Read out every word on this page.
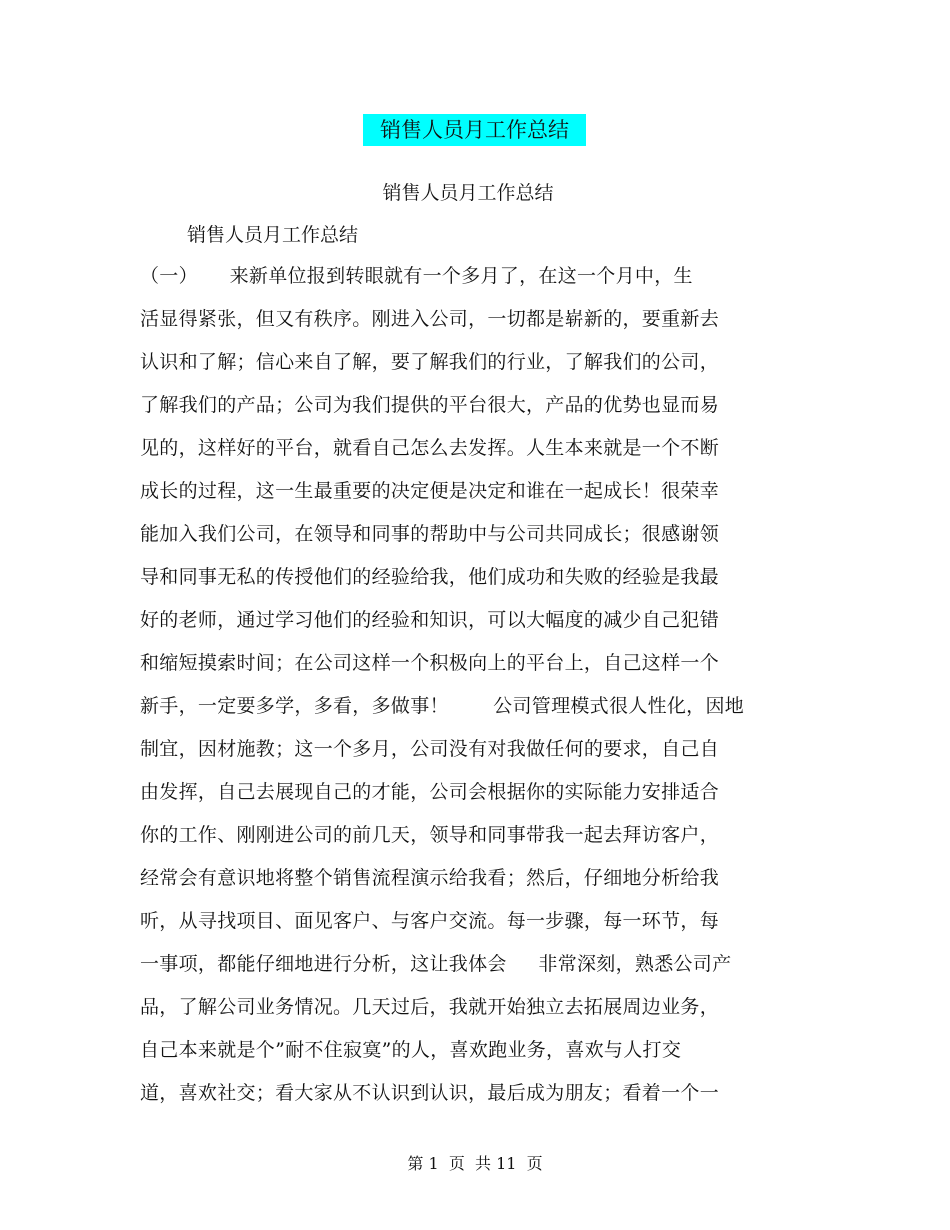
销售人员月工作总结
销售人员月工作总结
销售人员月工作总结
（一）     来新单位报到转眼就有一个多月了，在这一个月中，生
活显得紧张，但又有秩序。刚进入公司，一切都是崭新的，要重新去
认识和了解；信心来自了解，要了解我们的行业，了解我们的公司，
了解我们的产品；公司为我们提供的平台很大，产品的优势也显而易
见的，这样好的平台，就看自己怎么去发挥。人生本来就是一个不断
成长的过程，这一生最重要的决定便是决定和谁在一起成长！很荣幸
能加入我们公司，在领导和同事的帮助中与公司共同成长；很感谢领
导和同事无私的传授他们的经验给我，他们成功和失败的经验是我最
好的老师，通过学习他们的经验和知识，可以大幅度的减少自己犯错
和缩短摸索时间；在公司这样一个积极向上的平台上，自己这样一个
新手，一定要多学，多看，多做事！       公司管理模式很人性化，因地
制宜，因材施教；这一个多月，公司没有对我做任何的要求，自己自
由发挥，自己去展现自己的才能，公司会根据你的实际能力安排适合
你的工作、刚刚进公司的前几天，领导和同事带我一起去拜访客户，
经常会有意识地将整个销售流程演示给我看；然后，仔细地分析给我
听，从寻找项目、面见客户、与客户交流。每一步骤，每一环节，每
一事项，都能仔细地进行分析，这让我体会     非常深刻，熟悉公司产
品，了解公司业务情况。几天过后，我就开始独立去拓展周边业务，
自己本来就是个”耐不住寂寞”的人，喜欢跑业务，喜欢与人打交
道，喜欢社交；看大家从不认识到认识，最后成为朋友；看着一个一
第 1  页  共 11  页
